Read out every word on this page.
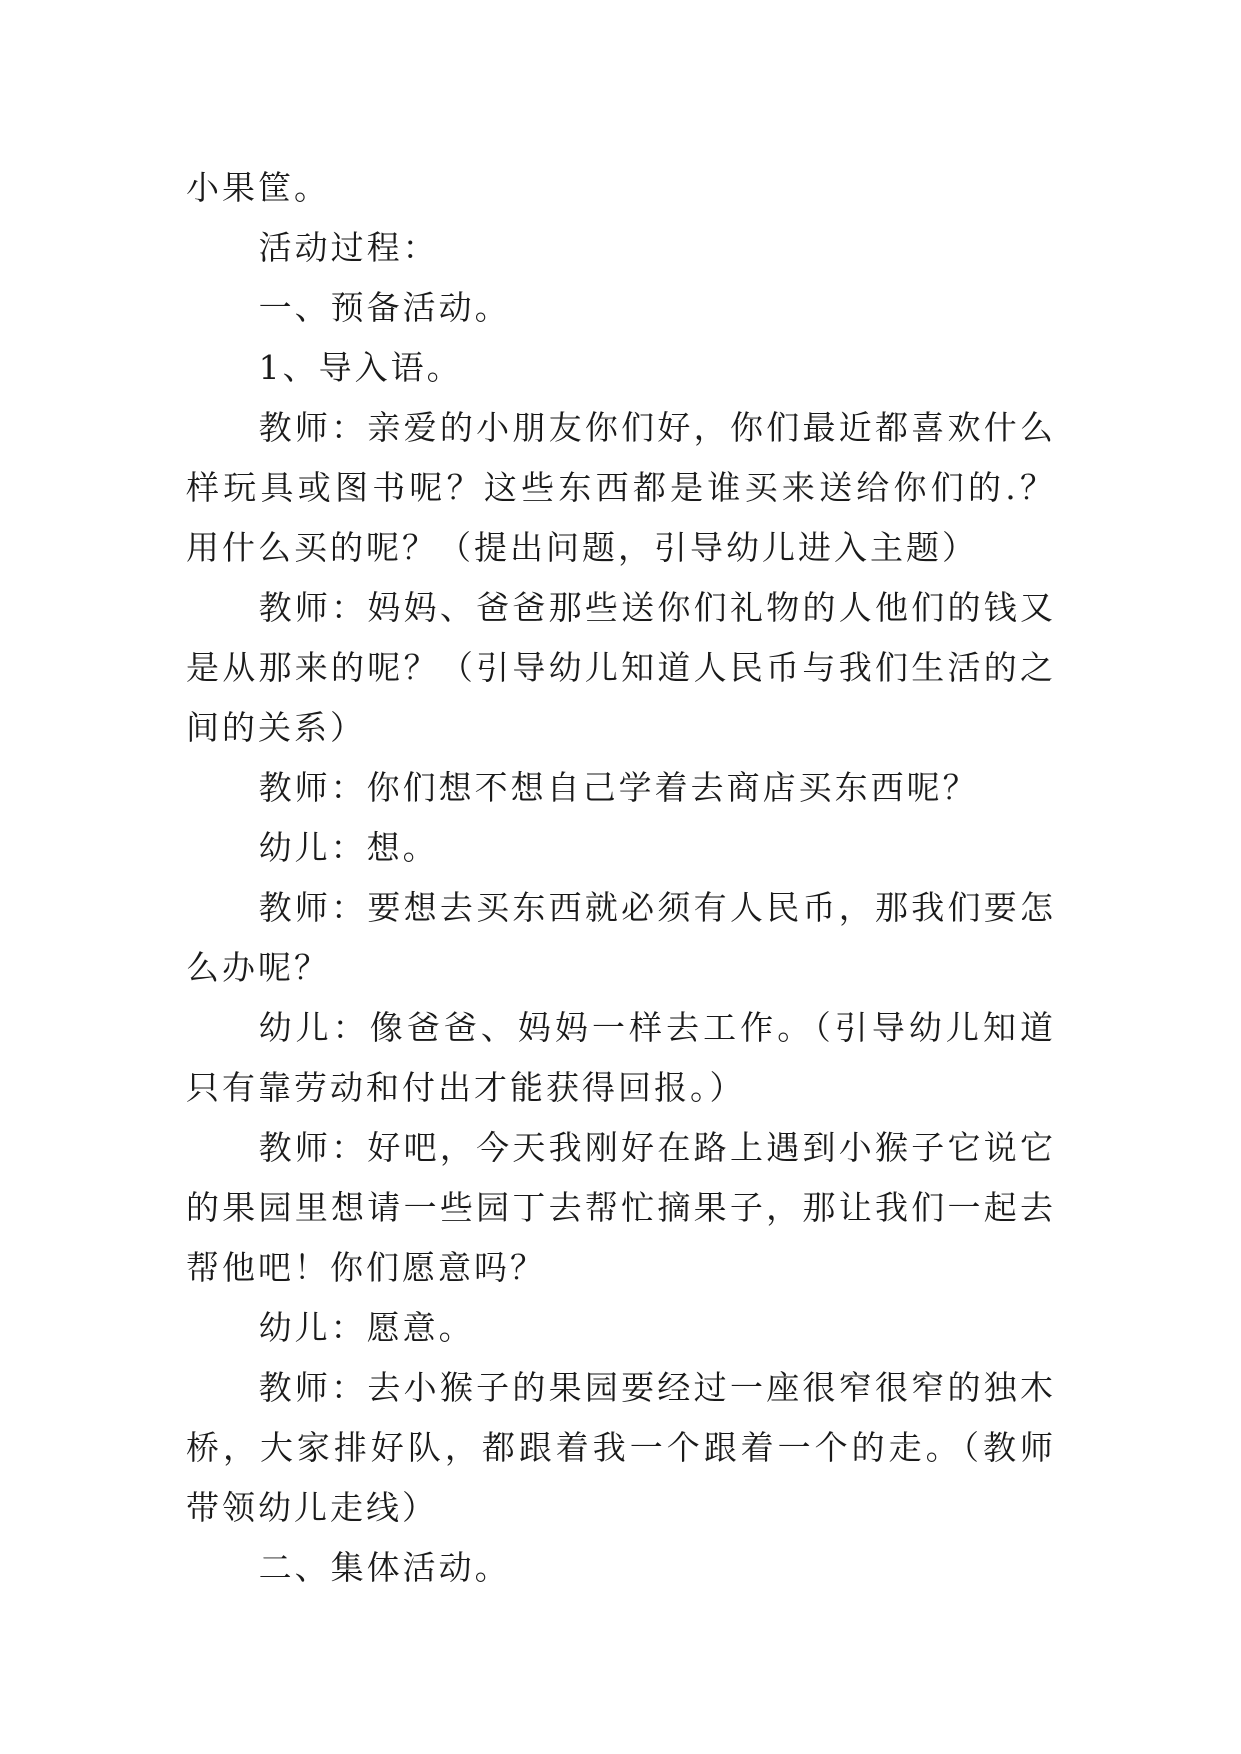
小果筐。

活动过程：

一、预备活动。

1、导入语。

教师：亲爱的小朋友你们好，你们最近都喜欢什么样玩具或图书呢？这些东西都是谁买来送给你们的.？用什么买的呢？（提出问题，引导幼儿进入主题）

教师：妈妈、爸爸那些送你们礼物的人他们的钱又是从那来的呢？（引导幼儿知道人民币与我们生活的之间的关系）

教师：你们想不想自己学着去商店买东西呢？

幼儿：想。

教师：要想去买东西就必须有人民币，那我们要怎么办呢？

幼儿：像爸爸、妈妈一样去工作。（引导幼儿知道只有靠劳动和付出才能获得回报。）

教师：好吧，今天我刚好在路上遇到小猴子它说它的果园里想请一些园丁去帮忙摘果子，那让我们一起去帮他吧！你们愿意吗？

幼儿：愿意。

教师：去小猴子的果园要经过一座很窄很窄的独木桥，大家排好队，都跟着我一个跟着一个的走。（教师带领幼儿走线）

二、集体活动。
